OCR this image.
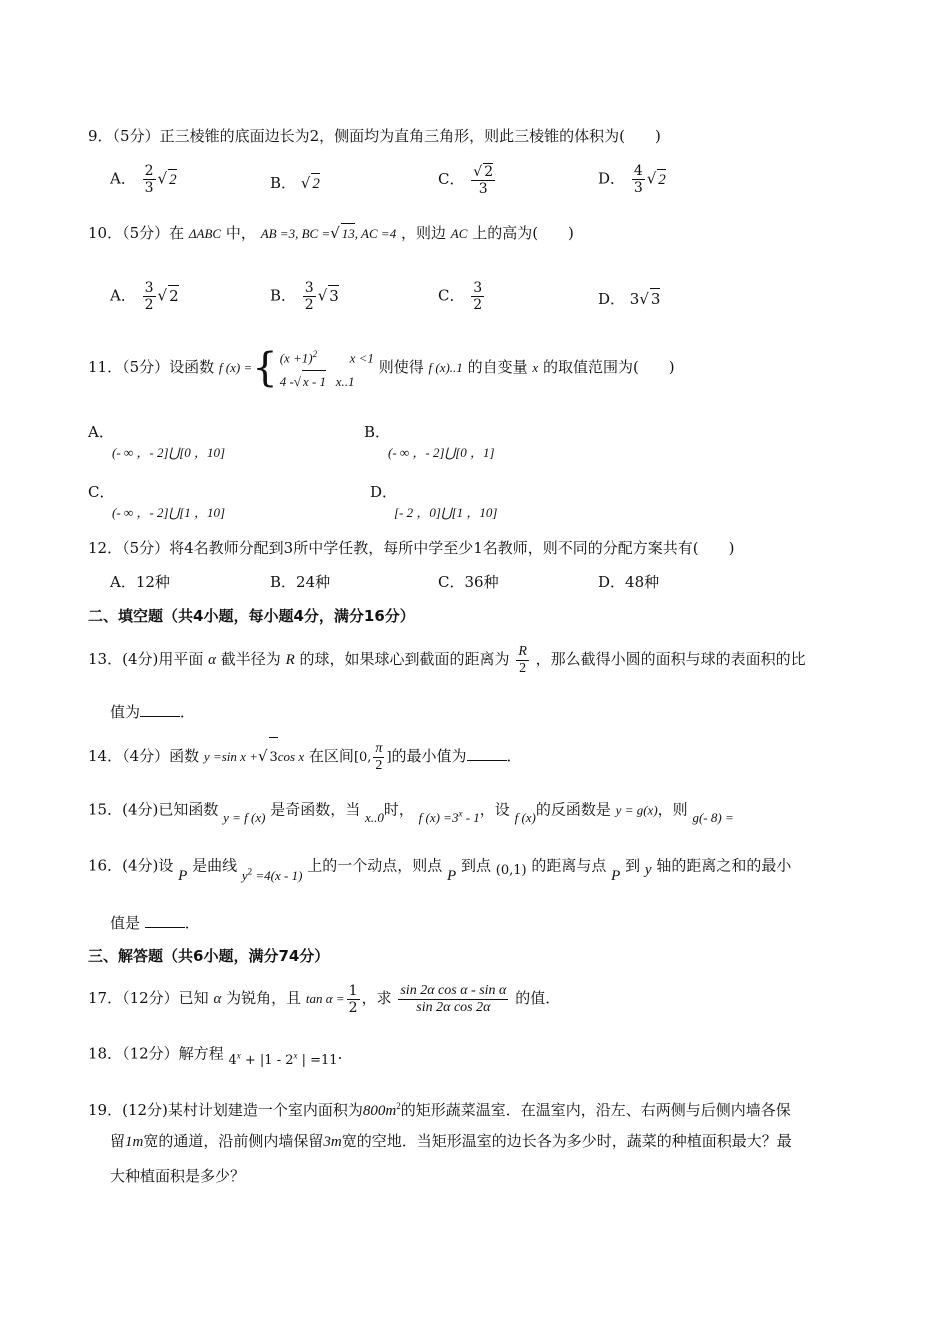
9．（5分）正三棱锥的底面边长为2，侧面均为直角三角形，则此三棱锥的体积为(　　)
A． $\frac{2}{3}$ √ 2	B． √ 2	C． $\frac{√ 2}{3}$	D． $\frac{4}{3}$ √ 2
10．（5分）在 ΔABC 中， AB =3, BC =√ 13, AC =4 ，则边 AC 上的高为(　　)
A． $\frac{3}{2}$ √ 2	B． $\frac{3}{2}$ √ 3	C． $\frac{3}{2}$	D． 3√ 3
11．（5分）设函数 f (x) = { $(x +1)^2$	x <1
4 -√ x - 1 x..1
则使得 f (x)..1 的自变量 x 的取值范围为(　　)
A．
(- ∞ ，- 2]⋃[0 ，10]
B．
(- ∞ ，- 2]⋃[0 ，1]
C．
(- ∞ ，- 2]⋃[1 ，10]
D．
[- 2 ，0]⋃[1 ，10]
12．（5分）将4名教师分配到3所中学任教，每所中学至少1名教师，则不同的分配方案共有(　　)
A．12种	B．24种	C．36种	D．48种
二、填空题（共4小题，每小题4分，满分16分）
13．(4分)用平面 α 截半径为 R 的球，如果球心到截面的距离为 $\frac{R}{2}$ ，那么截得小圆的面积与球的表面积的比
值为	．
14．（4分）函数 y =sin x +√ 3cos x 在区间[0, $\frac{\pi}{2}$ ]的最小值为	．
15．(4分)已知函数 y = f (x) 是奇函数，当 x..0时， f $(x) =3^x - 1$，设 f (x)的反函数是 y = g(x)，则 g(- 8) =
16．(4分)设 P 是曲线 $y^2 =4(x - 1)$ 上的一个动点，则点 P 到点 (0,1) 的距离与点 P 到 y 轴的距离之和的最小
值是	．
三、解答题（共6小题，满分74分）
17．（12分）已知 α 为锐角，且 $\tan \alpha = \frac{1}{2}$ ，求 $\frac{\text{sin 2α cos α - sin α}}{\text{sin 2α cos 2α}}$ 的值．
18．（12分）解方程 $4^x + |1 - 2^x$ | =11．
19．(12分)某村计划建造一个室内面积为$800m^2$的矩形蔬菜温室．在温室内，沿左、右两侧与后侧内墙各保
留1m宽的通道，沿前侧内墙保留3m宽的空地．当矩形温室的边长各为多少时，蔬菜的种植面积最大？最
大种植面积是多少？
